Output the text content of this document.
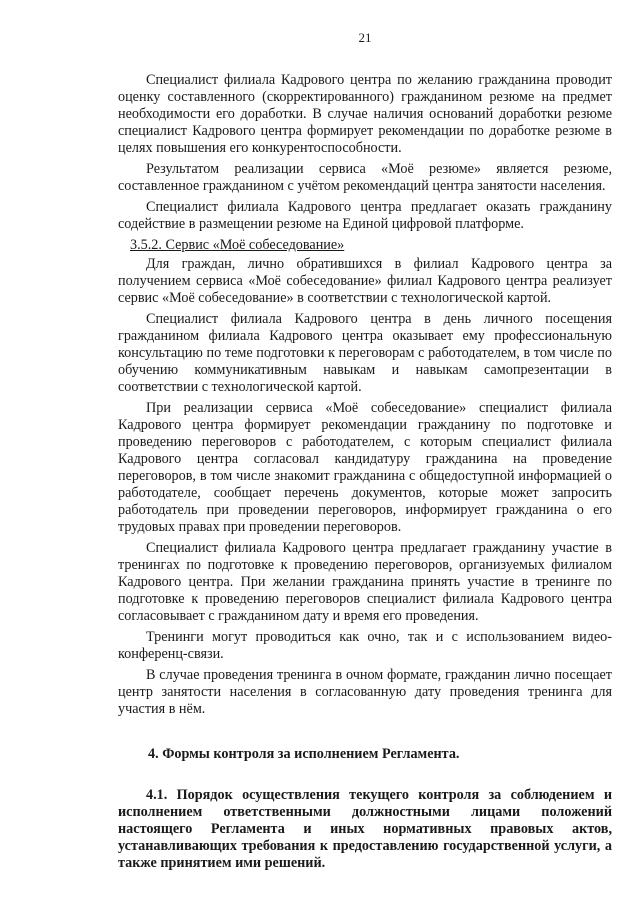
21

Специалист филиала Кадрового центра по желанию гражданина проводит оценку составленного (скорректированного) гражданином резюме на предмет необходимости его доработки. В случае наличия оснований доработки резюме специалист Кадрового центра формирует рекомендации по доработке резюме в целях повышения его конкурентоспособности.

Результатом реализации сервиса «Моё резюме» является резюме, составленное гражданином с учётом рекомендаций центра занятости населения.

Специалист филиала Кадрового центра предлагает оказать гражданину содействие в размещении резюме на Единой цифровой платформе.

3.5.2. Сервис «Моё собеседование»

Для граждан, лично обратившихся в филиал Кадрового центра за получением сервиса «Моё собеседование» филиал Кадрового центра реализует сервис «Моё собеседование» в соответствии с технологической картой.

Специалист филиала Кадрового центра в день личного посещения гражданином филиала Кадрового центра оказывает ему профессиональную консультацию по теме подготовки к переговорам с работодателем, в том числе по обучению коммуникативным навыкам и навыкам самопрезентации в соответствии с технологической картой.

При реализации сервиса «Моё собеседование» специалист филиала Кадрового центра формирует рекомендации гражданину по подготовке и проведению переговоров с работодателем, с которым специалист филиала Кадрового центра согласовал кандидатуру гражданина на проведение переговоров, в том числе знакомит гражданина с общедоступной информацией о работодателе, сообщает перечень документов, которые может запросить работодатель при проведении переговоров, информирует гражданина о его трудовых правах при проведении переговоров.

Специалист филиала Кадрового центра предлагает гражданину участие в тренингах по подготовке к проведению переговоров, организуемых филиалом Кадрового центра. При желании гражданина принять участие в тренинге по подготовке к проведению переговоров специалист филиала Кадрового центра согласовывает с гражданином дату и время его проведения.

Тренинги могут проводиться как очно, так и с использованием видео-конференц-связи.

В случае проведения тренинга в очном формате, гражданин лично посещает центр занятости населения в согласованную дату проведения тренинга для участия в нём.

4. Формы контроля за исполнением Регламента.

4.1. Порядок осуществления текущего контроля за соблюдением и исполнением ответственными должностными лицами положений настоящего Регламента и иных нормативных правовых актов, устанавливающих требования к предоставлению государственной услуги, а также принятием ими решений.
